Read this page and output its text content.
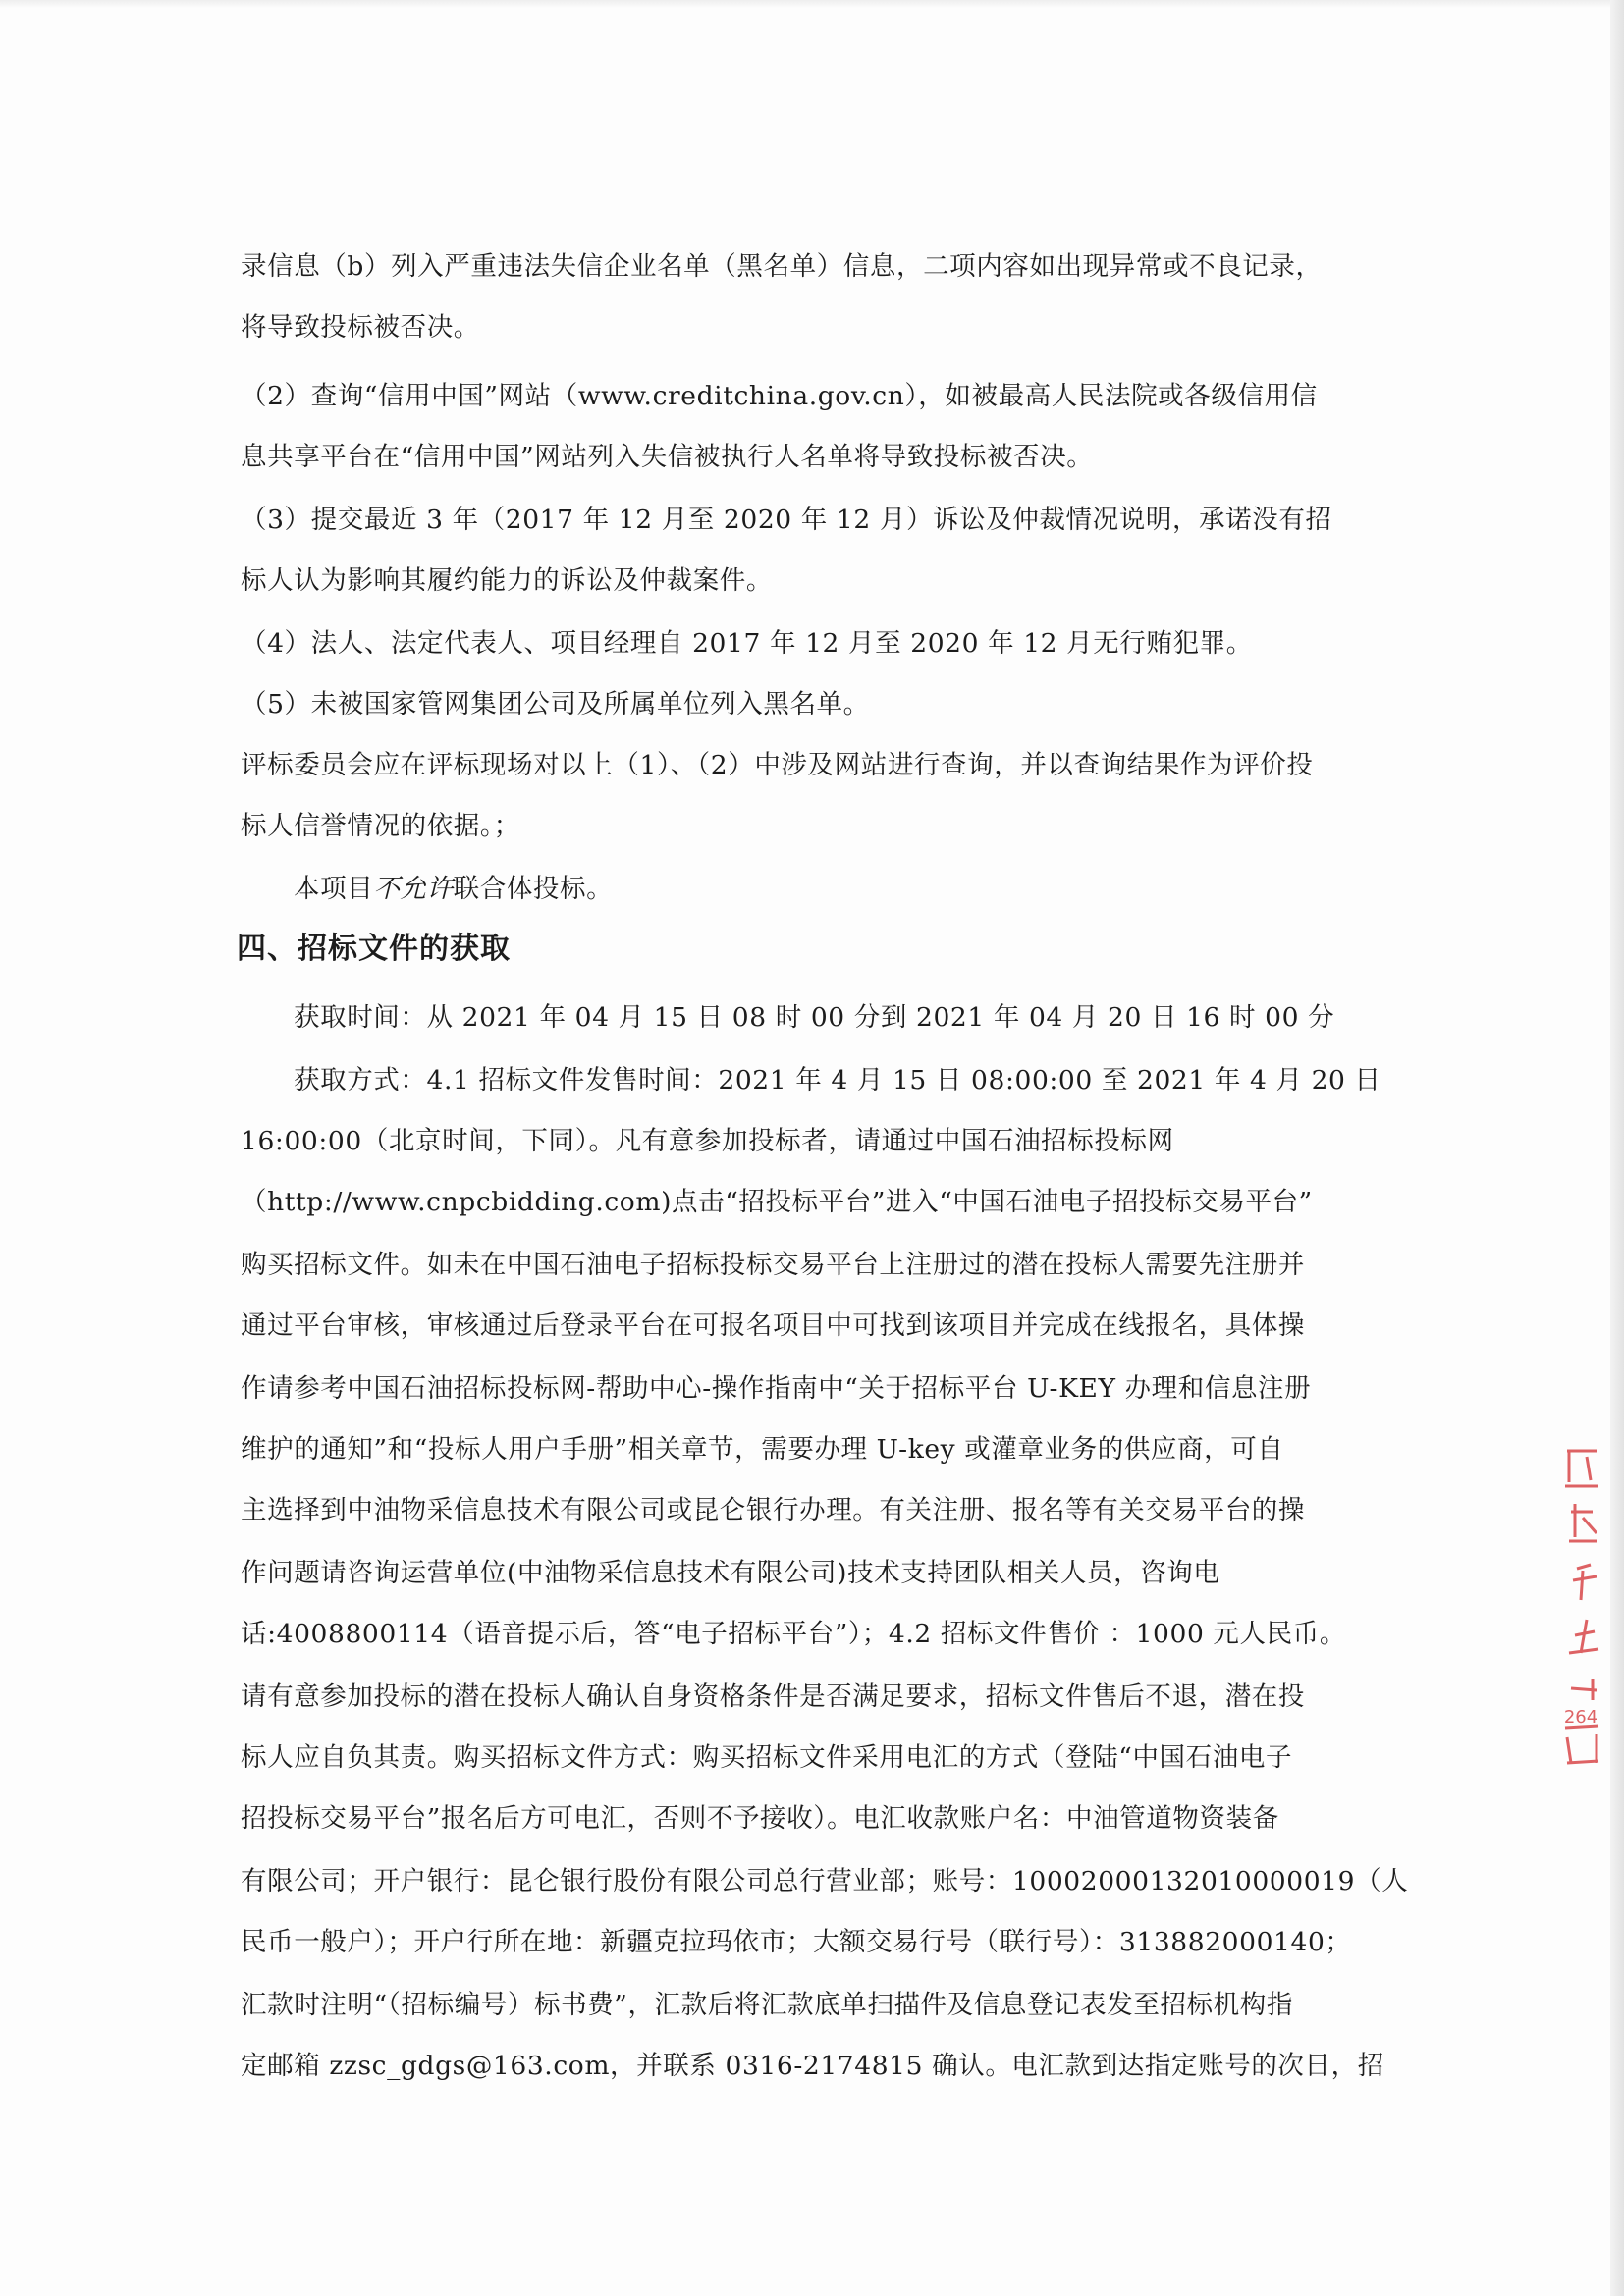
录信息（b）列入严重违法失信企业名单（黑名单）信息，二项内容如出现异常或不良记录，
将导致投标被否决。
（2）查询“信用中国”网站（www.creditchina.gov.cn），如被最高人民法院或各级信用信
息共享平台在“信用中国”网站列入失信被执行人名单将导致投标被否决。
（3）提交最近 3 年（2017 年 12 月至 2020 年 12 月）诉讼及仲裁情况说明，承诺没有招
标人认为影响其履约能力的诉讼及仲裁案件。
（4）法人、法定代表人、项目经理自 2017 年 12 月至 2020 年 12 月无行贿犯罪。
（5）未被国家管网集团公司及所属单位列入黑名单。
评标委员会应在评标现场对以上（1）、（2）中涉及网站进行查询，并以查询结果作为评价投
标人信誉情况的依据。；
本项目不允许联合体投标。
四、招标文件的获取
获取时间：从 2021 年 04 月 15 日 08 时 00 分到 2021 年 04 月 20 日 16 时 00 分
获取方式：4.1 招标文件发售时间：2021 年 4 月 15 日 08:00:00 至 2021 年 4 月 20 日
16:00:00（北京时间，下同）。凡有意参加投标者，请通过中国石油招标投标网
（http://www.cnpcbidding.com)点击“招投标平台”进入“中国石油电子招投标交易平台”
购买招标文件。如未在中国石油电子招标投标交易平台上注册过的潜在投标人需要先注册并
通过平台审核，审核通过后登录平台在可报名项目中可找到该项目并完成在线报名，具体操
作请参考中国石油招标投标网-帮助中心-操作指南中“关于招标平台 U-KEY 办理和信息注册
维护的通知”和“投标人用户手册”相关章节，需要办理 U-key 或灌章业务的供应商，可自
主选择到中油物采信息技术有限公司或昆仑银行办理。有关注册、报名等有关交易平台的操
作问题请咨询运营单位(中油物采信息技术有限公司)技术支持团队相关人员，咨询电
话:4008800114（语音提示后，答“电子招标平台”）；4.2 招标文件售价 ：1000 元人民币。
请有意参加投标的潜在投标人确认自身资格条件是否满足要求，招标文件售后不退，潜在投
标人应自负其责。购买招标文件方式：购买招标文件采用电汇的方式（登陆“中国石油电子
招投标交易平台”报名后方可电汇，否则不予接收）。电汇收款账户名：中油管道物资装备
有限公司；开户银行：昆仑银行股份有限公司总行营业部；账号：10002000132010000019（人
民币一般户）；开户行所在地：新疆克拉玛依市；大额交易行号（联行号）：313882000140；
汇款时注明“（招标编号）标书费”，汇款后将汇款底单扫描件及信息登记表发至招标机构指
定邮箱 zzsc_gdgs@163.com，并联系 0316-2174815 确认。电汇款到达指定账号的次日，招
264
